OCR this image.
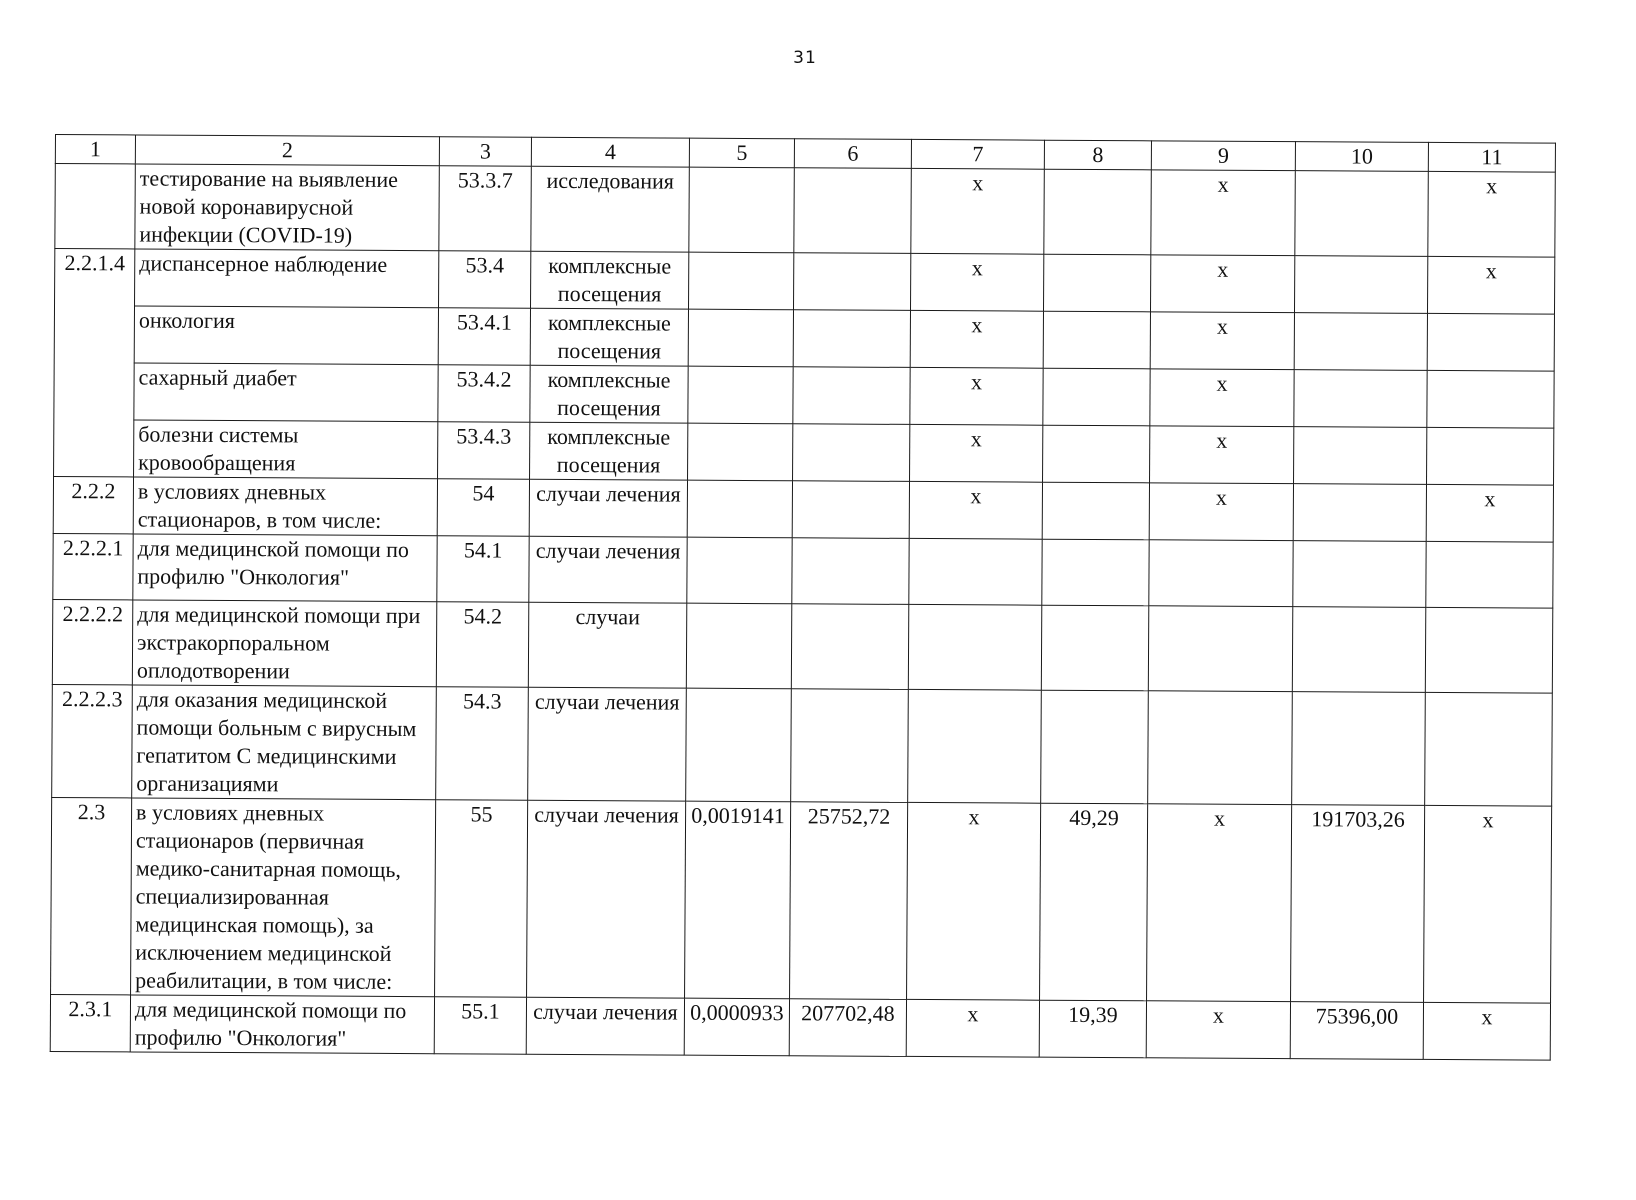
31
1	2	3	4	5	6	7	8	9	10	11
	тестирование на выявление новой коронавирусной инфекции (COVID-19)	53.3.7	исследования			x		x		x
2.2.1.4	диспансерное наблюдение	53.4	комплексные посещения			x		x		x
	онкология	53.4.1	комплексные посещения			x		x		
	сахарный диабет	53.4.2	комплексные посещения			x		x		
	болезни системы кровообращения	53.4.3	комплексные посещения			x		x		
2.2.2	в условиях дневных стационаров, в том числе:	54	случаи лечения			x		x		x
2.2.2.1	для медицинской помощи по профилю "Онкология"	54.1	случаи лечения							
2.2.2.2	для медицинской помощи при экстракорпоральном оплодотворении	54.2	случаи							
2.2.2.3	для оказания медицинской помощи больным с вирусным гепатитом С медицинскими организациями	54.3	случаи лечения							
2.3	в условиях дневных стационаров (первичная медико-санитарная помощь, специализированная медицинская помощь), за исключением медицинской реабилитации, в том числе:	55	случаи лечения	0,0019141	25752,72	x	49,29	x	191703,26	x
2.3.1	для медицинской помощи по профилю "Онкология"	55.1	случаи лечения	0,0000933	207702,48	x	19,39	x	75396,00	x
